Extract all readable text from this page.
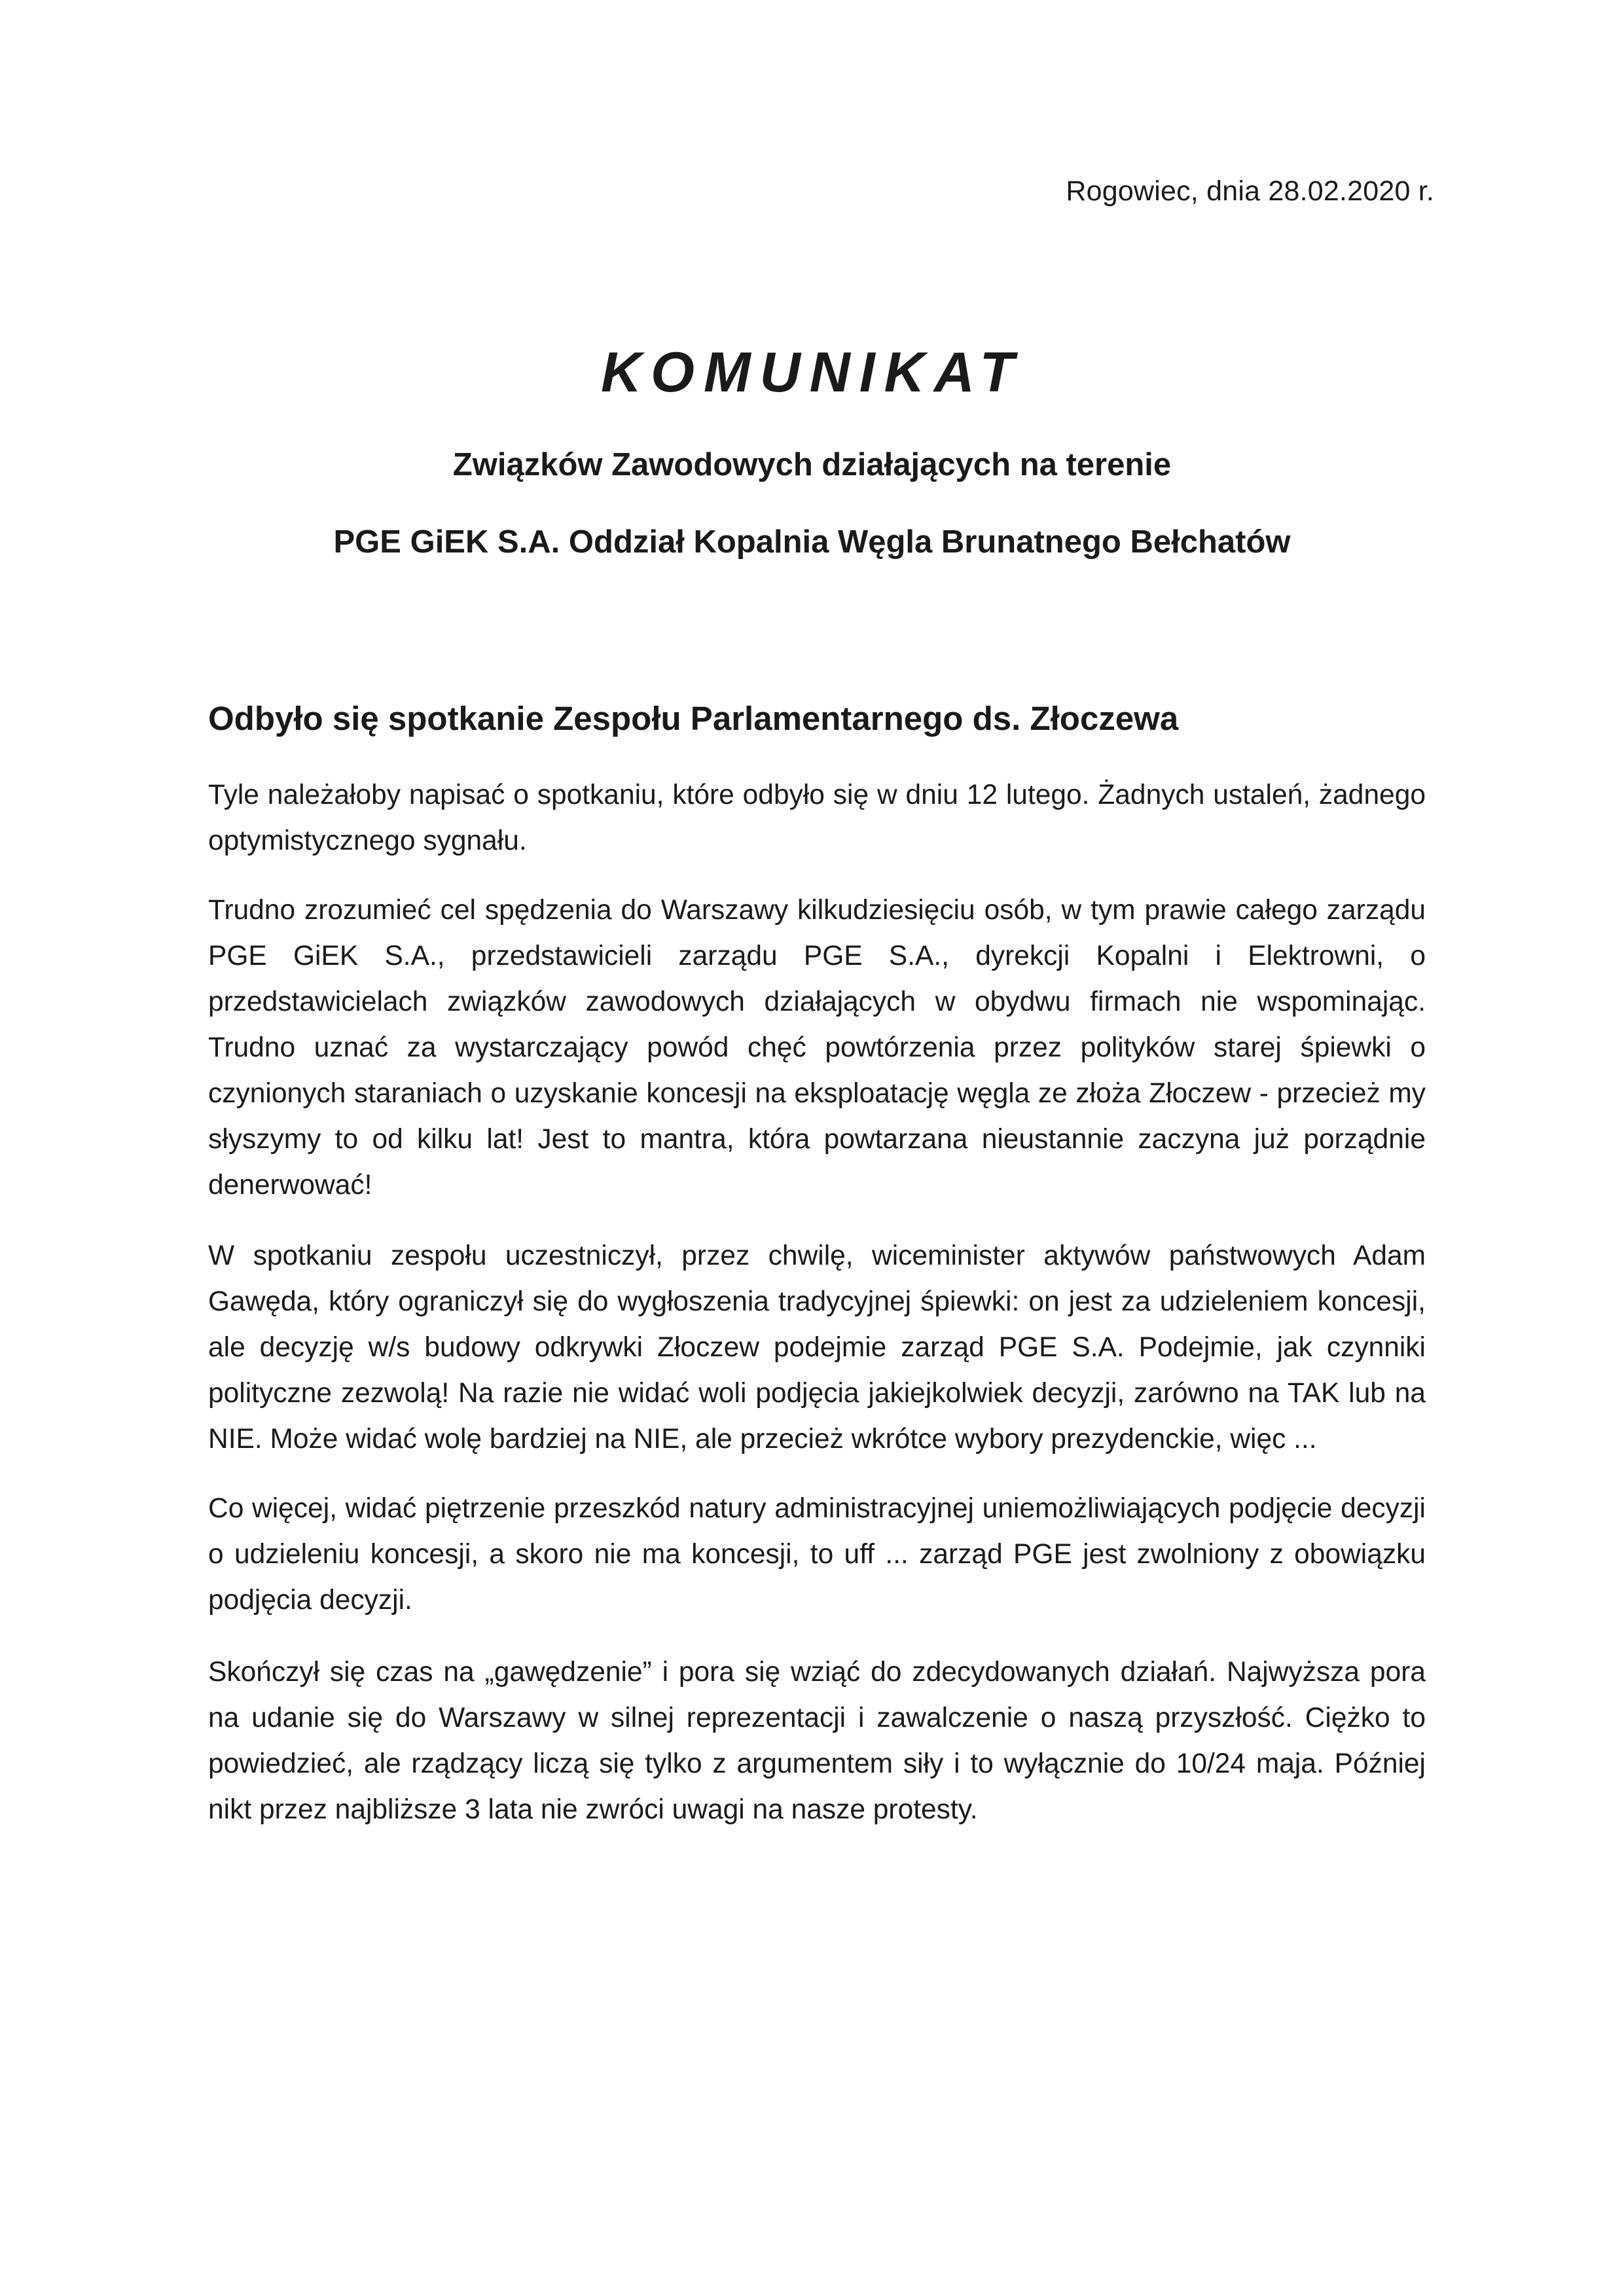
Rogowiec, dnia 28.02.2020 r.
KOMUNIKAT
Związków Zawodowych działających na terenie
PGE GiEK S.A. Oddział Kopalnia Węgla Brunatnego Bełchatów
Odbyło się spotkanie Zespołu Parlamentarnego ds. Złoczewa
Tyle należałoby napisać o spotkaniu, które odbyło się w dniu 12 lutego. Żadnych ustaleń, żadnego optymistycznego sygnału.
Trudno zrozumieć cel spędzenia do Warszawy kilkudziesięciu osób, w tym prawie całego zarządu PGE GiEK S.A., przedstawicieli zarządu PGE S.A., dyrekcji Kopalni i Elektrowni, o przedstawicielach związków zawodowych działających w obydwu firmach nie wspominając. Trudno uznać za wystarczający powód chęć powtórzenia przez polityków starej śpiewki o czynionych staraniach o uzyskanie koncesji na eksploatację węgla ze złoża Złoczew - przecież my słyszymy to od kilku lat! Jest to mantra, która powtarzana nieustannie zaczyna już porządnie denerwować!
W spotkaniu zespołu uczestniczył, przez chwilę, wiceminister aktywów państwowych Adam Gawęda, który ograniczył się do wygłoszenia tradycyjnej śpiewki: on jest za udzieleniem koncesji, ale decyzję w/s budowy odkrywki Złoczew podejmie zarząd PGE S.A. Podejmie, jak czynniki polityczne zezwolą! Na razie nie widać woli podjęcia jakiejkolwiek decyzji, zarówno na TAK lub na NIE. Może widać wolę bardziej na NIE, ale przecież wkrótce wybory prezydenckie, więc ...
Co więcej, widać piętrzenie przeszkód natury administracyjnej uniemożliwiających podjęcie decyzji o udzieleniu koncesji, a skoro nie ma koncesji, to uff ... zarząd PGE jest zwolniony z obowiązku podjęcia decyzji.
Skończył się czas na „gawędzenie” i pora się wziąć do zdecydowanych działań. Najwyższa pora na udanie się do Warszawy w silnej reprezentacji i zawalczenie o naszą przyszłość. Ciężko to powiedzieć, ale rządzący liczą się tylko z argumentem siły i to wyłącznie do 10/24 maja. Później nikt przez najbliższe 3 lata nie zwróci uwagi na nasze protesty.
